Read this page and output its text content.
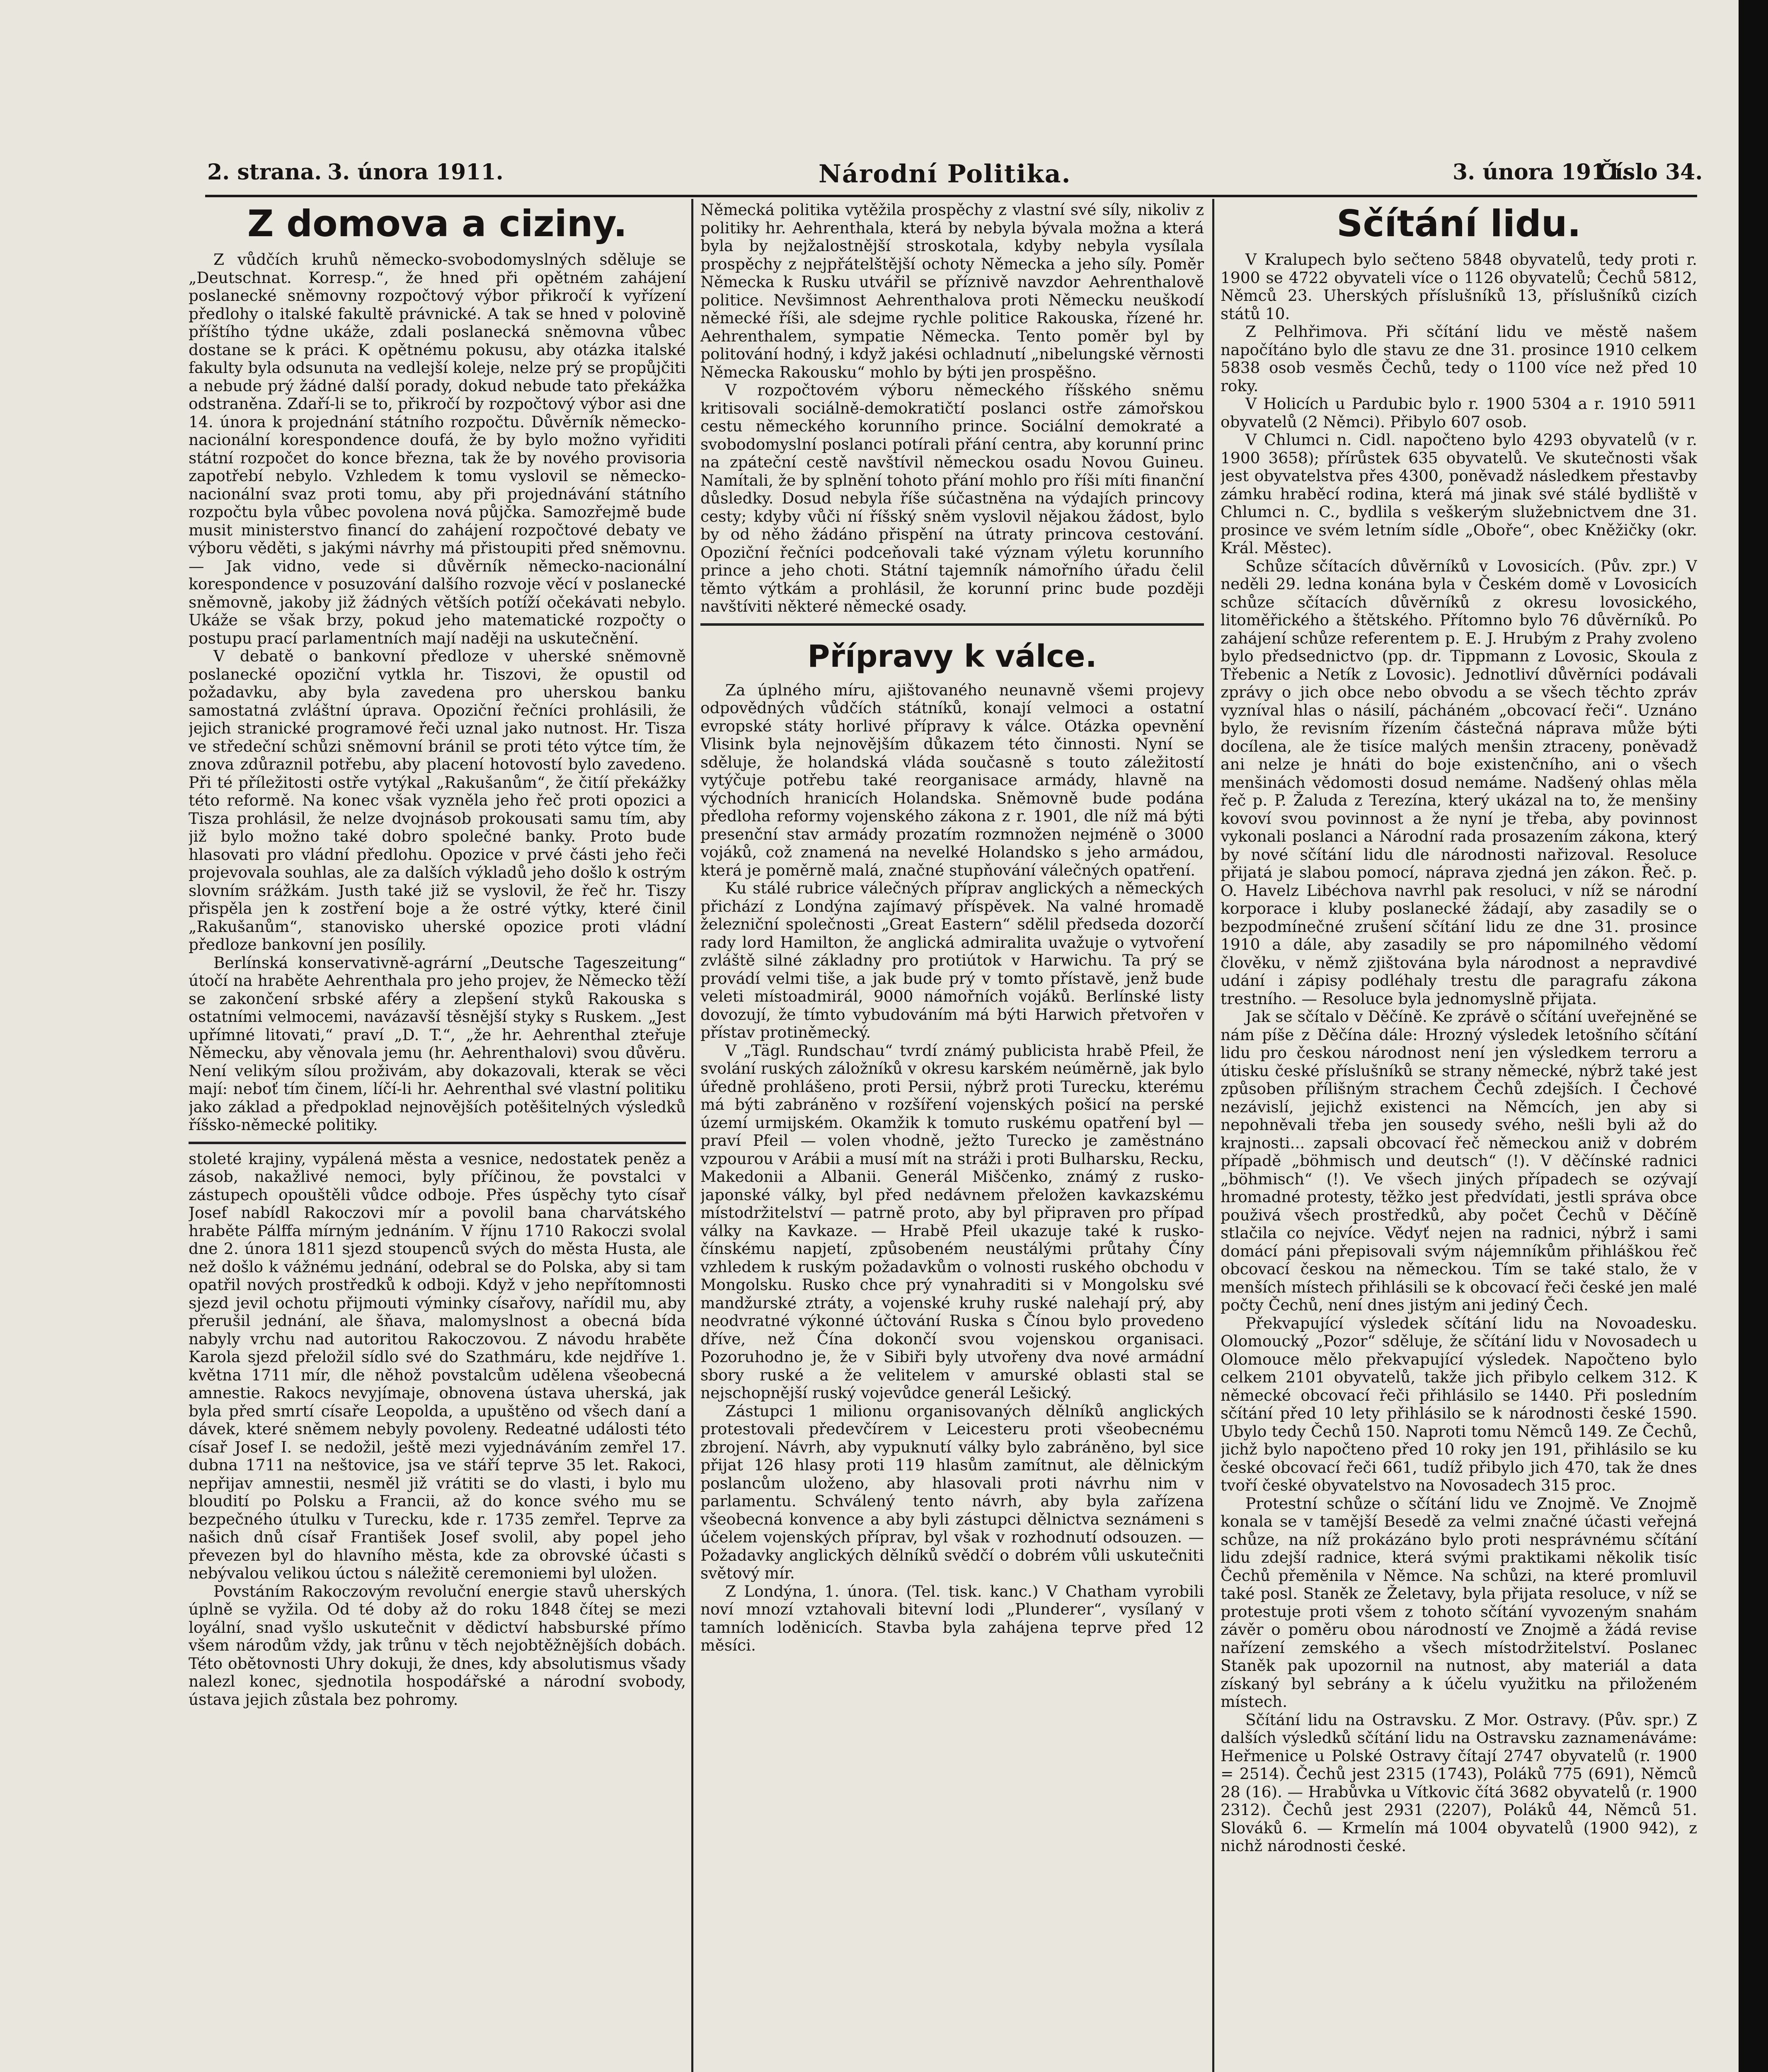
2. strana. 3. února 1911.	Národní Politika.	3. února 1911.
Číslo 34.
Z domova a ciziny.

Z vůdčích kruhů německo-svobodomyslných sděluje se „Deutschnat. Korresp.“, že hned při opětném zahájení poslanecké sněmovny rozpočtový výbor přikročí k vyřízení předlohy o italské fakultě právnické. A tak se hned v polovině příštího týdne ukáže, zdali poslanecká sněmovna vůbec dostane se k práci. K opětnému pokusu, aby otázka italské fakulty byla odsunuta na vedlejší koleje, nelze prý se propůjčiti a nebude prý žádné další porady, dokud nebude tato překážka odstraněna. Zdaří-li se to, přikročí by rozpočtový výbor asi dne 14. února k projednání státního rozpočtu. Důvěrník německo-nacionální korespondence doufá, že by bylo možno vyřiditi státní rozpočet do konce března, tak že by nového provisoria zapotřebí nebylo. Vzhledem k tomu vyslovil se německo-nacionální svaz proti tomu, aby při projednávání státního rozpočtu byla vůbec povolena nová půjčka. Samozřejmě bude musit ministerstvo financí do zahájení rozpočtové debaty ve výboru věděti, s jakými návrhy má přistoupiti před sněmovnu. — Jak vidno, vede si důvěrník německo-nacionální korespondence v posuzování dalšího rozvoje věcí v poslanecké sněmovně, jakoby již žádných větších potíží očekávati nebylo. Ukáže se však brzy, pokud jeho matematické rozpočty o postupu prací parlamentních mají naději na uskutečnění.

V debatě o bankovní předloze v uherské sněmovně poslanecké opoziční vytkla hr. Tiszovi, že opustil od požadavku, aby byla zavedena pro uherskou banku samostatná zvláštní úprava. Opoziční řečníci prohlásili, že jejich stranické programové řeči uznal jako nutnost. Hr. Tisza ve středeční schůzi sněmovní bránil se proti této výtce tím, že znova zdůraznil potřebu, aby placení hotovostí bylo zavedeno. Při té příležitosti ostře vytýkal „Rakušanům“, že čitíí překážky této reformě. Na konec však vyzněla jeho řeč proti opozici a Tisza prohlásil, že nelze dvojnásob prokousati samu tím, aby již bylo možno také dobro společné banky. Proto bude hlasovati pro vládní předlohu. Opozice v prvé části jeho řeči projevovala souhlas, ale za dalších výkladů jeho došlo k ostrým slovním srážkám. Justh také již se vyslovil, že řeč hr. Tiszy přispěla jen k zostření boje a že ostré výtky, které činil „Rakušanům“, stanovisko uherské opozice proti vládní předloze bankovní jen posílily.

Berlínská konservativně-agrární „Deutsche Tageszeitung“ útočí na hraběte Aehrenthala pro jeho projev, že Německo těží se zakončení srbské aféry a zlepšení styků Rakouska s ostatními velmocemi, navázavší těsnější styky s Ruskem. „Jest upřímné litovati,“ praví „D. T.“, „že hr. Aehrenthal zteřuje Německu, aby věnovala jemu (hr. Aehrenthalovi) svou důvěru. Není velikým sílou proživám, aby dokazovali, kterak se věci mají: neboť tím činem, líčí-li hr. Aehrenthal své vlastní politiku jako základ a předpoklad nejnovějších potěšitelných výsledků říšsko-německé politiky.

stoleté krajiny, vypálená města a vesnice, nedostatek peněz a zásob, nakažlivé nemoci, byly příčinou, že povstalci v zástupech opouštěli vůdce odboje. Přes úspěchy tyto císař Josef nabídl Rakoczovi mír a povolil bana charvátského hraběte Pálffa mírným jednáním. V říjnu 1710 Rakoczi svolal dne 2. února 1811 sjezd stoupenců svých do města Husta, ale než došlo k vážnému jednání, odebral se do Polska, aby si tam opatřil nových prostředků k odboji. Když v jeho nepřítomnosti sjezd jevil ochotu přijmouti výminky císařovy, nařídil mu, aby přerušil jednání, ale šňava, malomyslnost a obecná bída nabyly vrchu nad autoritou Rakoczovou. Z návodu hraběte Karola sjezd přeložil sídlo své do Szathmáru, kde nejdříve 1. května 1711 mír, dle něhož povstalcům udělena všeobecná amnestie. Rakocs nevyjímaje, obnovena ústava uherská, jak byla před smrtí císaře Leopolda, a upuštěno od všech daní a dávek, které sněmem nebyly povoleny. Redeatné události této císař Josef I. se nedožil, ještě mezi vyjednáváním zemřel 17. dubna 1711 na neštovice, jsa ve stáří teprve 35 let. Rakoci, nepřijav amnestii, nesměl již vrátiti se do vlasti, i bylo mu bloudití po Polsku a Francii, až do konce svého mu se bezpečného útulku v Turecku, kde r. 1735 zemřel. Teprve za našich dnů císař František Josef svolil, aby popel jeho převezen byl do hlavního města, kde za obrovské účasti s nebývalou velikou úctou s náležitě ceremoniemi byl uložen.

Povstáním Rakoczovým revoluční energie stavů uherských úplně se vyžila. Od té doby až do roku 1848 čítej se mezi loyální, snad vyšlo uskutečnit v dědictví habsburské přímo všem národům vždy, jak trůnu v těch nejobtěžnějších dobách. Této obětovnosti Uhry dokuji, že dnes, kdy absolutismus všady nalezl konec, sjednotila hospodářské a národní svobody, ústava jejich zůstala bez pohromy.

Německá politika vytěžila prospěchy z vlastní své síly, nikoliv z politiky hr. Aehrenthala, která by nebyla bývala možna a která byla by nejžalostnější stroskotala, kdyby nebyla vysílala prospěchy z nejpřátelštější ochoty Německa a jeho síly. Poměr Německa k Rusku utvářil se příznivě navzdor Aehrenthalově politice. Nevšimnost Aehrenthalova proti Německu neuškodí německé říši, ale sdejme rychle politice Rakouska, řízené hr. Aehrenthalem, sympatie Německa. Tento poměr byl by politování hodný, i když jakési ochladnutí „nibelungské věrnosti Německa Rakousku“ mohlo by býti jen prospěšno.

V rozpočtovém výboru německého říšského sněmu kritisovali sociálně-demokratičtí poslanci ostře zámořskou cestu německého korunního prince. Sociální demokraté a svobodomyslní poslanci potírali přání centra, aby korunní princ na zpáteční cestě navštívil německou osadu Novou Guineu. Namítali, že by splnění tohoto přání mohlo pro říši míti finanční důsledky. Dosud nebyla říše súčastněna na výdajích princovy cesty; kdyby vůči ní říšský sněm vyslovil nějakou žádost, bylo by od něho žádáno přispění na útraty princova cestování. Opoziční řečníci podceňovali také význam výletu korunního prince a jeho choti. Státní tajemník námořního úřadu čelil těmto výtkám a prohlásil, že korunní princ bude později navštíviti některé německé osady.

Přípravy k válce.

Za úplného míru, ajištovaného neunavně všemi projevy odpovědných vůdčích státníků, konají velmoci a ostatní evropské státy horlivé přípravy k válce. Otázka opevnění Vlisink byla nejnovějším důkazem této činnosti. Nyní se sděluje, že holandská vláda současně s touto záležitostí vytýčuje potřebu také reorganisace armády, hlavně na východních hranicích Holandska. Sněmovně bude podána předloha reformy vojenského zákona z r. 1901, dle níž má býti presenční stav armády prozatím rozmnožen nejméně o 3000 vojáků, což znamená na nevelké Holandsko s jeho armádou, která je poměrně malá, značné stupňování válečných opatření.

Ku stálé rubrice válečných příprav anglických a německých přichází z Londýna zajímavý příspěvek. Na valné hromadě železniční společnosti „Great Eastern“ sdělil předseda dozorčí rady lord Hamilton, že anglická admiralita uvažuje o vytvoření zvláště silné základny pro protiútok v Harwichu. Ta prý se provádí velmi tiše, a jak bude prý v tomto přístavě, jenž bude veleti místoadmirál, 9000 námořních vojáků. Berlínské listy dovozují, že tímto vybudováním má býti Harwich přetvořen v přístav protiněmecký.

V „Tägl. Rundschau“ tvrdí známý publicista hrabě Pfeil, že svolání ruských záložníků v okresu karském neúměrně, jak bylo úředně prohlášeno, proti Persii, nýbrž proti Turecku, kterému má býti zabráněno v rozšíření vojenských pošicí na perské území urmijském. Okamžik k tomuto ruskému opatření byl — praví Pfeil — volen vhodně, ježto Turecko je zaměstnáno vzpourou v Arábii a musí mít na stráži i proti Bulharsku, Recku, Makedonii a Albanii. Generál Miščenko, známý z rusko-japonské války, byl před nedávnem přeložen kavkazskému místodržitelství — patrně proto, aby byl připraven pro případ války na Kavkaze. — Hrabě Pfeil ukazuje také k rusko-čínskému napjetí, způsobeném neustálými průtahy Číny vzhledem k ruským požadavkům o volnosti ruského obchodu v Mongolsku. Rusko chce prý vynahraditi si v Mongolsku své mandžurské ztráty, a vojenské kruhy ruské nalehají prý, aby neodvratné výkonné účtování Ruska s Čínou bylo provedeno dříve, než Čína dokončí svou vojenskou organisaci. Pozoruhodno je, že v Sibiři byly utvořeny dva nové armádní sbory ruské a že velitelem v amurské oblasti stal se nejschopnější ruský vojevůdce generál Lešický.

Zástupci 1 milionu organisovaných dělníků anglických protestovali předevčírem v Leicesteru proti všeobecnému zbrojení. Návrh, aby vypuknutí války bylo zabráněno, byl sice přijat 126 hlasy proti 119 hlasům zamítnut, ale dělnickým poslancům uloženo, aby hlasovali proti návrhu nim v parlamentu. Schválený tento návrh, aby byla zařízena všeobecná konvence a aby byli zástupci dělnictva seznámeni s účelem vojenských příprav, byl však v rozhodnutí odsouzen. — Požadavky anglických dělníků svědčí o dobrém vůli uskutečniti světový mír.

Z Londýna, 1. února. (Tel. tisk. kanc.) V Chatham vyrobili noví mnozí vztahovali bitevní lodi „Plunderer“, vysílaný v tamních loděnicích. Stavba byla zahájena teprve před 12 měsíci.

Sčítání lidu.

V Kralupech bylo sečteno 5848 obyvatelů, tedy proti r. 1900 se 4722 obyvateli více o 1126 obyvatelů; Čechů 5812, Němců 23. Uherských příslušníků 13, příslušníků cizích států 10.

Z Pelhřimova. Při sčítání lidu ve městě našem napočítáno bylo dle stavu ze dne 31. prosince 1910 celkem 5838 osob vesměs Čechů, tedy o 1100 více než před 10 roky.

V Holicích u Pardubic bylo r. 1900 5304 a r. 1910 5911 obyvatelů (2 Němci). Přibylo 607 osob.

V Chlumci n. Cidl. napočteno bylo 4293 obyvatelů (v r. 1900 3658); přírůstek 635 obyvatelů. Ve skutečnosti však jest obyvatelstva přes 4300, poněvadž následkem přestavby zámku hraběcí rodina, která má jinak své stálé bydliště v Chlumci n. C., bydlila s veškerým služebnictvem dne 31. prosince ve svém letním sídle „Oboře“, obec Kněžičky (okr. Král. Městec).

Schůze sčítacích důvěrníků v Lovosicích. (Pův. zpr.) V neděli 29. ledna konána byla v Českém domě v Lovosicích schůze sčítacích důvěrníků z okresu lovosického, litoměřického a štětského. Přítomno bylo 76 důvěrníků. Po zahájení schůze referentem p. E. J. Hrubým z Prahy zvoleno bylo předsednictvo (pp. dr. Tippmann z Lovosic, Skoula z Třebenic a Netík z Lovosic). Jednotliví důvěrníci podávali zprávy o jich obce nebo obvodu a se všech těchto zpráv vyzníval hlas o násilí, pácháném „obcovací řeči“. Uznáno bylo, že revisním řízením částečná náprava může býti docílena, ale že tisíce malých menšin ztraceny, poněvadž ani nelze je hnáti do boje existenčního, ani o všech menšinách vědomosti dosud nemáme. Nadšený ohlas měla řeč p. P. Žaluda z Terezína, který ukázal na to, že menšiny kovoví svou povinnost a že nyní je třeba, aby povinnost vykonali poslanci a Národní rada prosazením zákona, který by nové sčítání lidu dle národnosti nařizoval. Resoluce přijatá je slabou pomocí, náprava zjedná jen zákon. Řeč. p. O. Havelz Libéchova navrhl pak resoluci, v níž se národní korporace i kluby poslanecké žádají, aby zasadily se o bezpodmínečné zrušení sčítání lidu ze dne 31. prosince 1910 a dále, aby zasadily se pro nápomilného vědomí člověku, v němž zjištována byla národnost a nepravdivé udání i zápisy podléhaly trestu dle paragrafu zákona trestního. — Resoluce byla jednomyslně přijata.

Jak se sčítalo v Děčíně. Ke zprávě o sčítání uveřejněné se nám píše z Děčína dále: Hrozný výsledek letošního sčítání lidu pro českou národnost není jen výsledkem terroru a útisku české příslušníků se strany německé, nýbrž také jest způsoben přílišným strachem Čechů zdejších. I Čechové nezávislí, jejichž existenci na Němcích, jen aby si nepohněvali třeba jen sousedy svého, nešli byli až do krajnosti... zapsali obcovací řeč německou aniž v dobrém případě „böhmisch und deutsch“ (!). V děčínské radnici „böhmisch“ (!). Ve všech jiných případech se ozývají hromadné protesty, těžko jest předvídati, jestli správa obce použivá všech prostředků, aby počet Čechů v Děčíně stlačila co nejvíce. Vědyť nejen na radnici, nýbrž i sami domácí páni přepisovali svým nájemníkům přihláškou řeč obcovací českou na německou. Tím se také stalo, že v menších místech přihlásili se k obcovací řeči české jen malé počty Čechů, není dnes jistým ani jediný Čech.

Překvapující výsledek sčítání lidu na Novoadesku. Olomoucký „Pozor“ sděluje, že sčítání lidu v Novosadech u Olomouce mělo překvapující výsledek. Napočteno bylo celkem 2101 obyvatelů, takže jich přibylo celkem 312. K německé obcovací řeči přihlásilo se 1440. Při posledním sčítání před 10 lety přihlásilo se k národnosti české 1590. Ubylo tedy Čechů 150. Naproti tomu Němců 149. Ze Čechů, jichž bylo napočteno před 10 roky jen 191, přihlásilo se ku české obcovací řeči 661, tudíž přibylo jich 470, tak že dnes tvoří české obyvatelstvo na Novosadech 315 proc.

Protestní schůze o sčítání lidu ve Znojmě. Ve Znojmě konala se v tamější Besedě za velmi značné účasti veřejná schůze, na níž prokázáno bylo proti nesprávnému sčítání lidu zdejší radnice, která svými praktikami několik tisíc Čechů přeměnila v Němce. Na schůzi, na které promluvil také posl. Staněk ze Želetavy, byla přijata resoluce, v níž se protestuje proti všem z tohoto sčítání vyvozeným snahám závěr o poměru obou národností ve Znojmě a žádá revise nařízení zemského a všech místodržitelství. Poslanec Staněk pak upozornil na nutnost, aby materiál a data získaný byl sebrány a k účelu využitku na přiloženém místech.

Sčítání lidu na Ostravsku. Z Mor. Ostravy. (Pův. spr.) Z dalších výsledků sčítání lidu na Ostravsku zaznamenáváme: Heřmenice u Polské Ostravy čítají 2747 obyvatelů (r. 1900 = 2514). Čechů jest 2315 (1743), Poláků 775 (691), Němců 28 (16). — Hrabůvka u Vítkovic čítá 3682 obyvatelů (r. 1900 2312). Čechů jest 2931 (2207), Poláků 44, Němců 51. Slováků 6. — Krmelín má 1004 obyvatelů (1900 942), z nichž národnosti české.
